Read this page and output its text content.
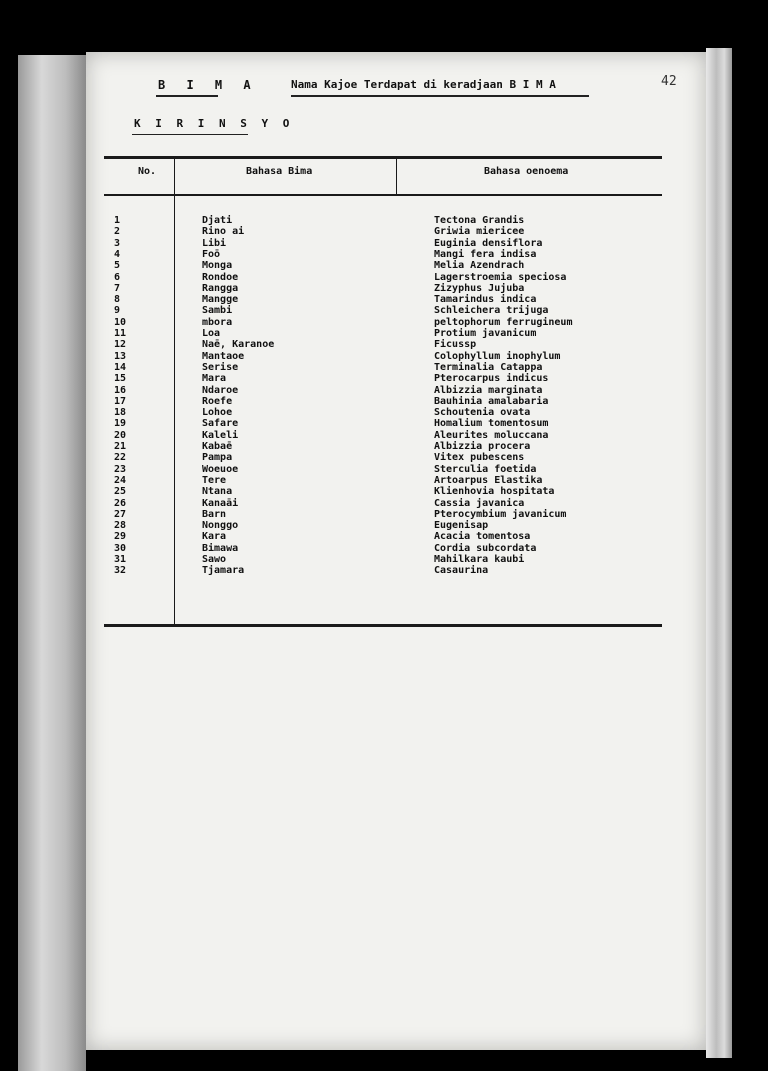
B I M A	Nama Kajoe Terdapat di keradjaan B I M A	42
K I R I N S Y O
No.	Bahasa Bima	Bahasa oenoema
1	Djati	Tectona Grandis
2	Rino ai	Griwia miericee
3	Libi	Euginia densiflora
4	Foō	Mangi fera indisa
5	Monga	Melia Azendrach
6	Rondoe	Lagerstroemia speciosa
7	Rangga	Zizyphus Jujuba
8	Mangge	Tamarindus indica
9	Sambi	Schleichera trijuga
10	mbora	peltophorum ferrugineum
11	Loa	Protium javanicum
12	Naē, Karanoe	Ficussp
13	Mantaoe	Colophyllum inophylum
14	Serise	Terminalia Catappa
15	Mara	Pterocarpus indicus
16	Ndaroe	Albizzia marginata
17	Roefe	Bauhinia amalabaria
18	Lohoe	Schoutenia ovata
19	Safare	Homalium tomentosum
20	Kaleli	Aleurites moluccana
21	Kabaē	Albizzia procera
22	Pampa	Vitex pubescens
23	Woeuoe	Sterculia foetida
24	Tere	Artoarpus Elastika
25	Ntana	Klienhovia hospitata
26	Kanaāi	Cassia javanica
27	Barn	Pterocymbium javanicum
28	Nonggo	Eugenisap
29	Kara	Acacia tomentosa
30	Bimawa	Cordia subcordata
31	Sawo	Mahilkara kaubi
32	Tjamara	Casaurina
